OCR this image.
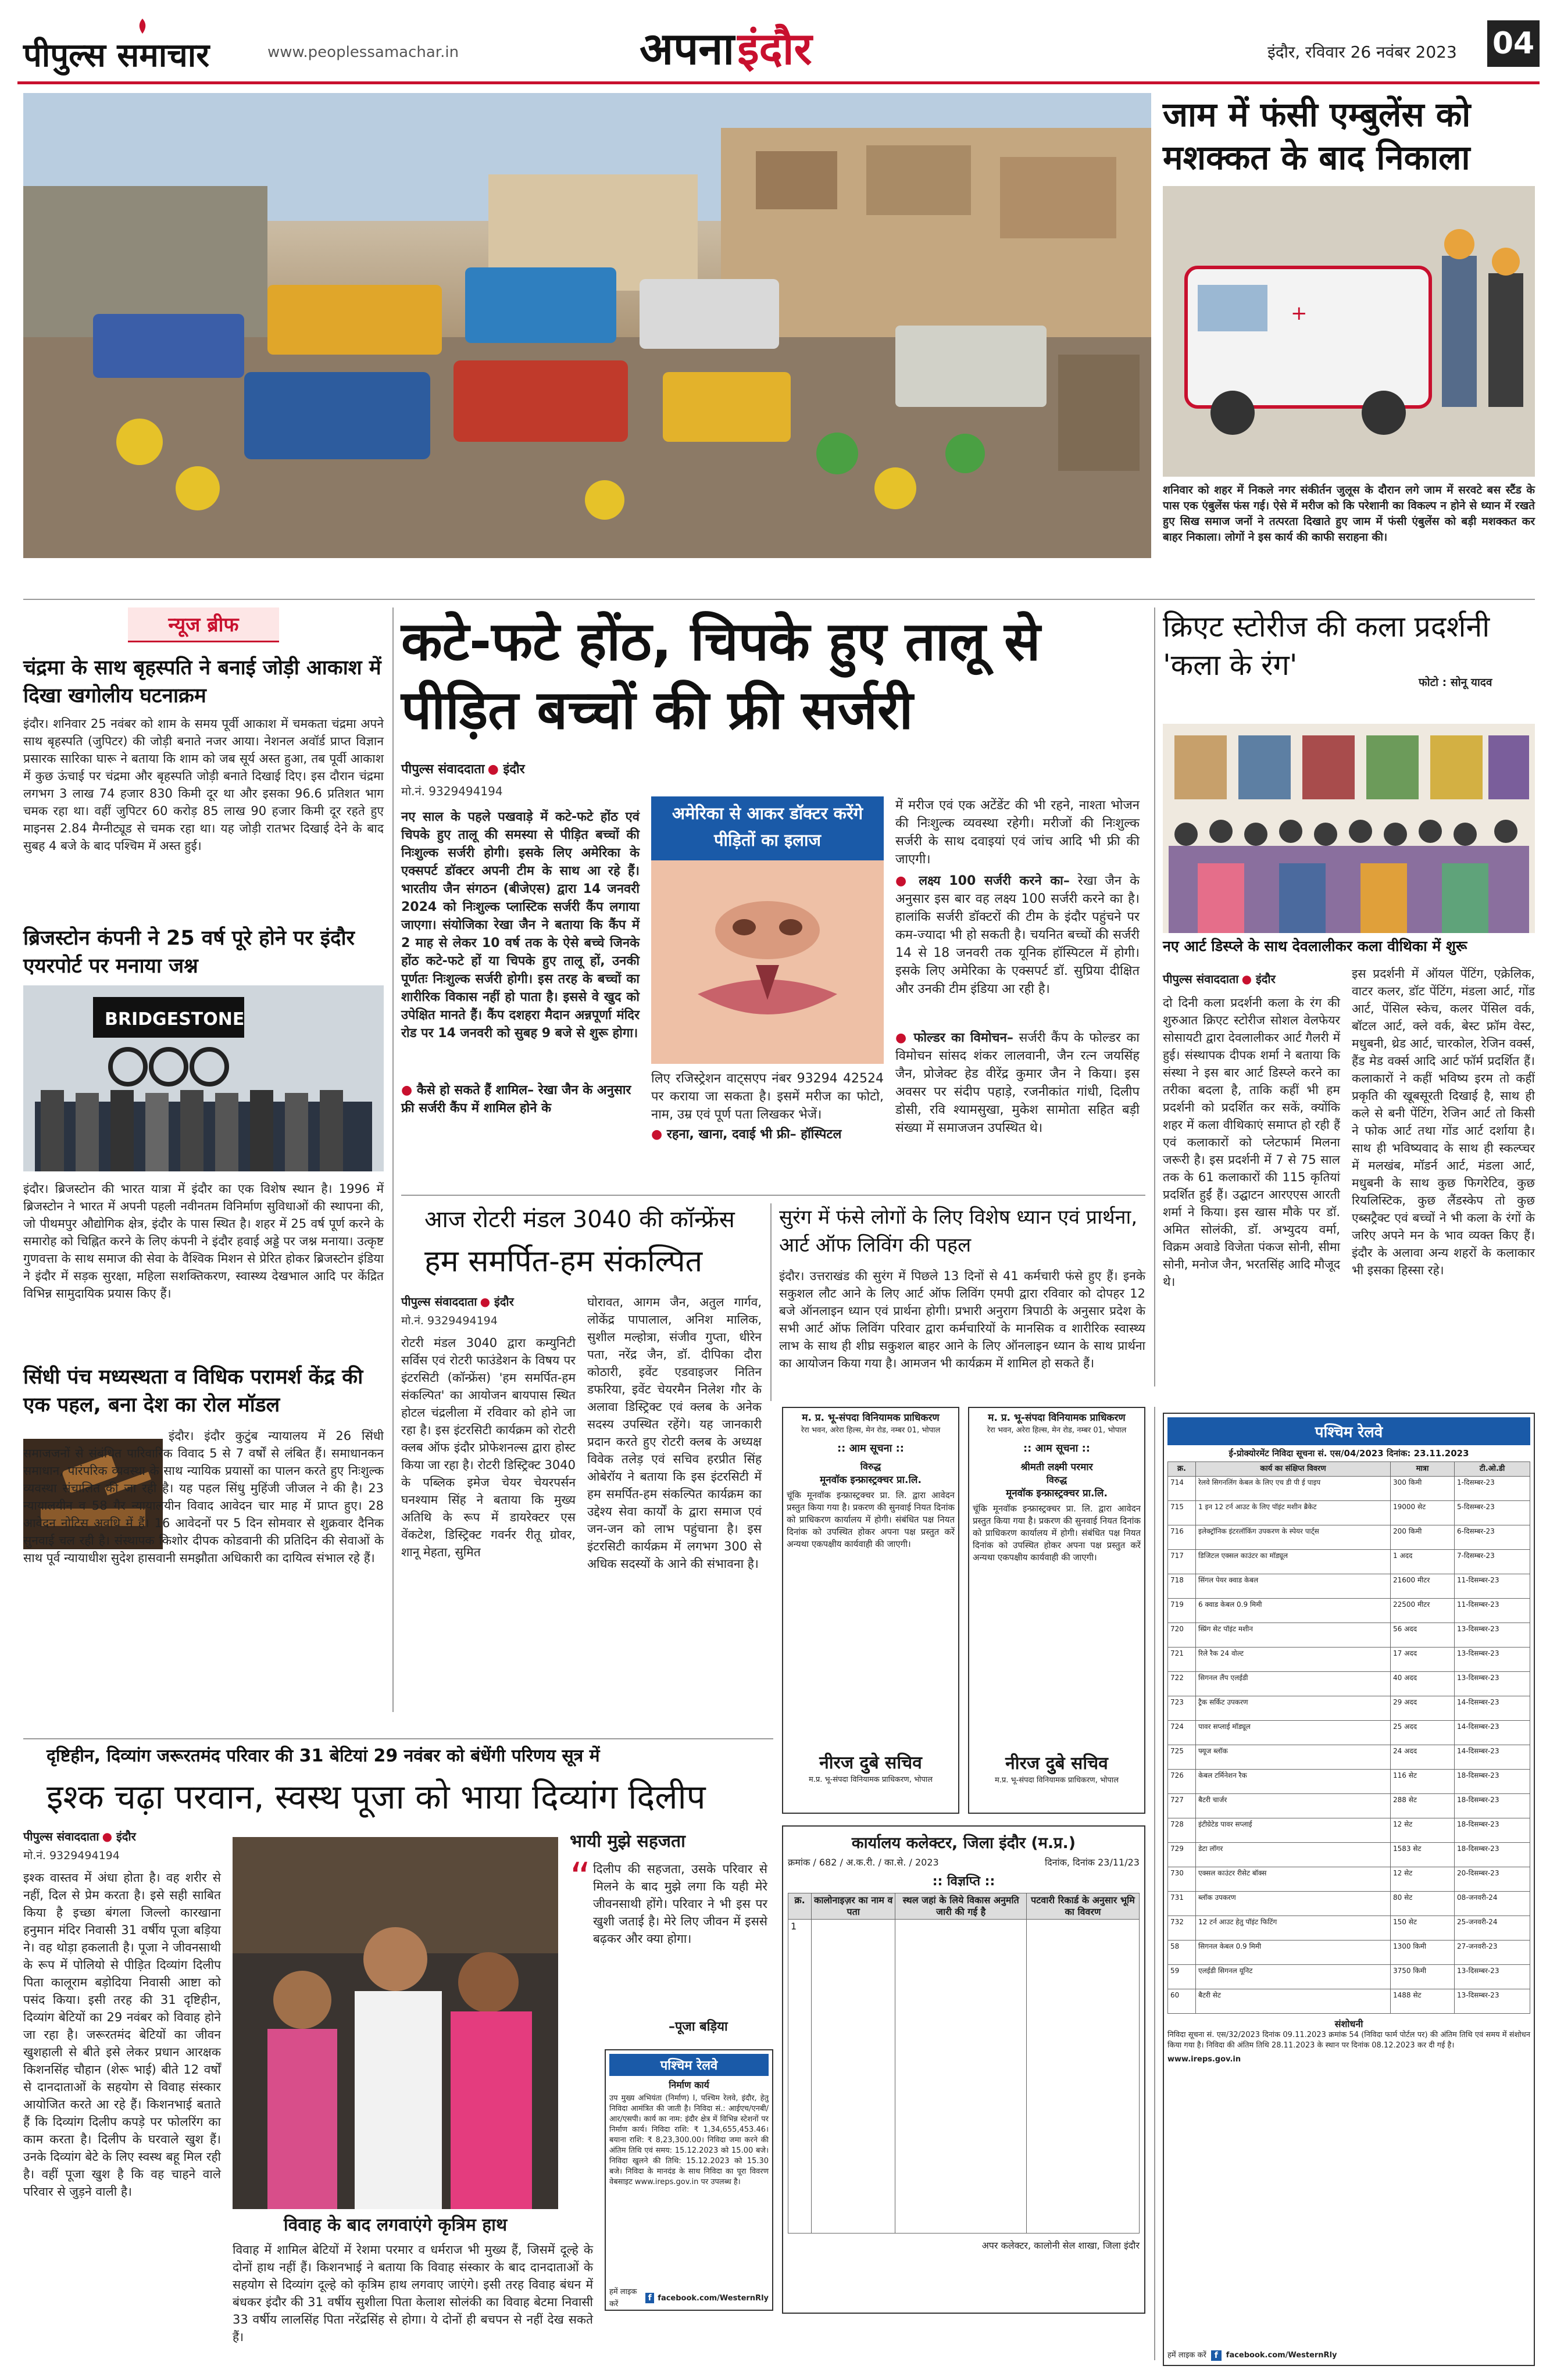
पीपुल्स समाचार	www.peoplessamachar.in	अपना इंदौर	इंदौर, रविवार 26 नवंबर 2023 04
जाम में फंसी एम्बुलेंस को मशक्कत के बाद निकाला
+
शनिवार को शहर में निकले नगर संकीर्तन जुलूस के दौरान लगे जाम में सरवटे बस स्टैंड के पास एक एंबुलेंस फंस गई। ऐसे में मरीज को कि परेशानी का विकल्प न होने से ध्यान में रखते हुए सिख समाज जनों ने तत्परता दिखाते हुए जाम में फंसी एंबुलेंस को बड़ी मशक्कत कर बाहर निकाला। लोगों ने इस कार्य की काफी सराहना की।
फोटो : सोनू यादव
न्यूज ब्रीफ
चंद्रमा के साथ बृहस्पति ने बनाई जोड़ी आकाश में दिखा खगोलीय घटनाक्रम
इंदौर। शनिवार 25 नवंबर को शाम के समय पूर्वी आकाश में चमकता चंद्रमा अपने साथ बृहस्पति (जुपिटर) की जोड़ी बनाते नजर आया। नेशनल अवॉर्ड प्राप्त विज्ञान प्रसारक सारिका घारू ने बताया कि शाम को जब सूर्य अस्त हुआ, तब पूर्वी आकाश में कुछ ऊंचाई पर चंद्रमा और बृहस्पति जोड़ी बनाते दिखाई दिए। इस दौरान चंद्रमा लगभग 3 लाख 74 हजार 830 किमी दूर था और इसका 96.6 प्रतिशत भाग चमक रहा था। वहीं जुपिटर 60 करोड़ 85 लाख 90 हजार किमी दूर रहते हुए माइनस 2.84 मैग्नीट्यूड से चमक रहा था। यह जोड़ी रातभर दिखाई देने के बाद सुबह 4 बजे के बाद पश्चिम में अस्त हुई।
ब्रिजस्टोन कंपनी ने 25 वर्ष पूरे होने पर इंदौर एयरपोर्ट पर मनाया जश्न
BRIDGESTONE
इंदौर। ब्रिजस्टोन की भारत यात्रा में इंदौर का एक विशेष स्थान है। 1996 में ब्रिजस्टोन ने भारत में अपनी पहली नवीनतम विनिर्माण सुविधाओं की स्थापना की, जो पीथमपुर औद्योगिक क्षेत्र, इंदौर के पास स्थित है। शहर में 25 वर्ष पूर्ण करने के समारोह को चिह्नित करने के लिए कंपनी ने इंदौर हवाई अड्डे पर जश्न मनाया। उत्कृष्ट गुणवत्ता के साथ समाज की सेवा के वैश्विक मिशन से प्रेरित होकर ब्रिजस्टोन इंडिया ने इंदौर में सड़क सुरक्षा, महिला सशक्तिकरण, स्वास्थ्य देखभाल आदि पर केंद्रित विभिन्न सामुदायिक प्रयास किए हैं।
सिंधी पंच मध्यस्थता व विधिक परामर्श केंद्र की एक पहल, बना देश का रोल मॉडल
इंदौर। इंदौर कुटुंब न्यायालय में 26 सिंधी समाजजनों से संबंधित पारिवारिक विवाद 5 से 7 वर्षों से लंबित हैं। समाधानकन समाधान, पारंपरिक व्यवस्था के साथ न्यायिक प्रयासों का पालन करते हुए निःशुल्क व्यवस्था संचालित की जा रही है। यह पहल सिंधु मुहिंजी जीजल ने की है। 23 न्यायालयीन व 58 गैर न्यायालयीन विवाद आवेदन चार माह में प्राप्त हुए। 28 आवेदन नोटिस अवधि में हैं। 16 आवेदनों पर 5 दिन सोमवार से शुक्रवार दैनिक सुनवाई चल रही है। संस्थापक किशोर दीपक कोडवानी की प्रतिदिन की सेवाओं के साथ पूर्व न्यायाधीश सुदेश हासवानी समझौता अधिकारी का दायित्व संभाल रहे हैं।
कटे-फटे होंठ, चिपके हुए तालू से पीड़ित बच्चों की फ्री सर्जरी
पीपुल्स संवाददाता ● इंदौर
मो.नं. 9329494194
नए साल के पहले पखवाड़े में कटे-फटे होंठ एवं चिपके हुए तालू की समस्या से पीड़ित बच्चों की निःशुल्क सर्जरी होगी। इसके लिए अमेरिका के एक्सपर्ट डॉक्टर अपनी टीम के साथ आ रहे हैं। भारतीय जैन संगठन (बीजेएस) द्वारा 14 जनवरी 2024 को निःशुल्क प्लास्टिक सर्जरी कैंप लगाया जाएगा। संयोजिका रेखा जैन ने बताया कि कैंप में 2 माह से लेकर 10 वर्ष तक के ऐसे बच्चे जिनके होंठ कटे-फटे हों या चिपके हुए तालू हों, उनकी पूर्णतः निःशुल्क सर्जरी होगी। इस तरह के बच्चों का शारीरिक विकास नहीं हो पाता है। इससे वे खुद को उपेक्षित मानते हैं। कैंप दशहरा मैदान अन्नपूर्णा मंदिर रोड पर 14 जनवरी को सुबह 9 बजे से शुरू होगा।
● कैसे हो सकते हैं शामिल– रेखा जैन के अनुसार फ्री सर्जरी कैंप में शामिल होने के
अमेरिका से आकर डॉक्टर करेंगे पीड़ितों का इलाज
लिए रजिस्ट्रेशन वाट्सएप नंबर 93294 42524 पर कराया जा सकता है। इसमें मरीज का फोटो, नाम, उम्र एवं पूर्ण पता लिखकर भेजें।
● रहना, खाना, दवाई भी फ्री– हॉस्पिटल
में मरीज एवं एक अटेंडेंट की भी रहने, नाश्ता भोजन की निःशुल्क व्यवस्था रहेगी। मरीजों की निःशुल्क सर्जरी के साथ दवाइयां एवं जांच आदि भी फ्री की जाएगी।
● लक्ष्य 100 सर्जरी करने का– रेखा जैन के अनुसार इस बार वह लक्ष्य 100 सर्जरी करने का है। हालांकि सर्जरी डॉक्टरों की टीम के इंदौर पहुंचने पर कम-ज्यादा भी हो सकती है। चयनित बच्चों की सर्जरी 14 से 18 जनवरी तक यूनिक हॉस्पिटल में होगी। इसके लिए अमेरिका के एक्सपर्ट डॉ. सुप्रिया दीक्षित और उनकी टीम इंडिया आ रही है।
● फोल्डर का विमोचन– सर्जरी कैंप के फोल्डर का विमोचन सांसद शंकर लालवानी, जैन रत्न जयसिंह जैन, प्रोजेक्ट हेड वीरेंद्र कुमार जैन ने किया। इस अवसर पर संदीप पहाड़े, रजनीकांत गांधी, दिलीप डोसी, रवि श्यामसुखा, मुकेश सामोता सहित बड़ी संख्या में समाजजन उपस्थित थे।
क्रिएट स्टोरीज की कला प्रदर्शनी 'कला के रंग'
नए आर्ट डिस्प्ले के साथ देवलालीकर कला वीथिका में शुरू
पीपुल्स संवाददाता ● इंदौर
दो दिनी कला प्रदर्शनी कला के रंग की शुरुआत क्रिएट स्टोरीज सोशल वेलफेयर सोसायटी द्वारा देवलालीकर आर्ट गैलरी में हुई। संस्थापक दीपक शर्मा ने बताया कि संस्था ने इस बार आर्ट डिस्प्ले करने का तरीका बदला है, ताकि कहीं भी हम प्रदर्शनी को प्रदर्शित कर सकें, क्योंकि शहर में कला वीथिकाएं समाप्त हो रही हैं एवं कलाकारों को प्लेटफार्म मिलना जरूरी है। इस प्रदर्शनी में 7 से 75 साल तक के 61 कलाकारों की 115 कृतियां प्रदर्शित हुईं हैं। उद्घाटन आरएएस आरती शर्मा ने किया। इस खास मौके पर डॉ. अमित सोलंकी, डॉ. अभ्युदय वर्मा, विक्रम अवाडे विजेता पंकज सोनी, सीमा सोनी, मनोज जैन, भरतसिंह आदि मौजूद थे।
इस प्रदर्शनी में ऑयल पेंटिंग, एक्रेलिक, वाटर कलर, डॉट पेंटिंग, मंडला आर्ट, गोंड आर्ट, पेंसिल स्केच, कलर पेंसिल वर्क, बॉटल आर्ट, क्ले वर्क, बेस्ट फ्रॉम वेस्ट, मधुबनी, थ्रेड आर्ट, चारकोल, रेजिन वर्क्स, हैंड मेड वर्क्स आदि आर्ट फॉर्म प्रदर्शित हैं। कलाकारों ने कहीं भविष्य इरम तो कहीं प्रकृति की खूबसूरती दिखाई है, साथ ही कले से बनी पेंटिंग, रेजिन आर्ट तो किसी ने फोक आर्ट तथा गोंड आर्ट दर्शाया है। साथ ही भविष्यवाद के साथ ही स्कल्प्चर में मलखंब, मॉडर्न आर्ट, मंडला आर्ट, मधुबनी के साथ कुछ फिगरेटिव, कुछ रियलिस्टिक, कुछ लैंडस्केप तो कुछ एब्सट्रैक्ट एवं बच्चों ने भी कला के रंगों के जरिए अपने मन के भाव व्यक्त किए हैं। इंदौर के अलावा अन्य शहरों के कलाकार भी इसका हिस्सा रहे।
आज रोटरी मंडल 3040 की कॉन्फ्रेंस
हम समर्पित-हम संकल्पित
पीपुल्स संवाददाता ● इंदौर
मो.नं. 9329494194
रोटरी मंडल 3040 द्वारा कम्युनिटी सर्विस एवं रोटरी फाउंडेशन के विषय पर इंटरसिटी (कॉन्फ्रेंस) 'हम समर्पित-हम संकल्पित' का आयोजन बायपास स्थित होटल चंद्रलीला में रविवार को होने जा रहा है। इस इंटरसिटी कार्यक्रम को रोटरी क्लब ऑफ इंदौर प्रोफेशनल्स द्वारा होस्ट किया जा रहा है। रोटरी डिस्ट्रिक्ट 3040 के पब्लिक इमेज चेयर चेयरपर्सन घनश्याम सिंह ने बताया कि मुख्य अतिथि के रूप में डायरेक्टर एस वेंकटेश, डिस्ट्रिक्ट गवर्नर रीतू ग्रोवर, शानू मेहता, सुमित
घोरावत, आगम जैन, अतुल गार्गव, लोकेंद्र पापालाल, अनिश मालिक, सुशील मल्होत्रा, संजीव गुप्ता, धीरेन पता, नरेंद्र जैन, डॉ. दीपिका दौरा कोठारी, इवेंट एडवाइजर नितिन डफरिया, इवेंट चेयरमैन निलेश गौर के अलावा डिस्ट्रिक्ट एवं क्लब के अनेक सदस्य उपस्थित रहेंगे। यह जानकारी प्रदान करते हुए रोटरी क्लब के अध्यक्ष विवेक तलेड़ एवं सचिव हरप्रीत सिंह ओबेरॉय ने बताया कि इस इंटरसिटी में हम समर्पित-हम संकल्पित कार्यक्रम का उद्देश्य सेवा कार्यों के द्वारा समाज एवं जन-जन को लाभ पहुंचाना है। इस इंटरसिटी कार्यक्रम में लगभग 300 से अधिक सदस्यों के आने की संभावना है।
सुरंग में फंसे लोगों के लिए विशेष ध्यान एवं प्रार्थना, आर्ट ऑफ लिविंग की पहल
इंदौर। उत्तराखंड की सुरंग में पिछले 13 दिनों से 41 कर्मचारी फंसे हुए हैं। इनके सकुशल लौट आने के लिए आर्ट ऑफ लिविंग एमपी द्वारा रविवार को दोपहर 12 बजे ऑनलाइन ध्यान एवं प्रार्थना होगी। प्रभारी अनुराग त्रिपाठी के अनुसार प्रदेश के सभी आर्ट ऑफ लिविंग परिवार द्वारा कर्मचारियों के मानसिक व शारीरिक स्वास्थ्य लाभ के साथ ही शीघ्र सकुशल बाहर आने के लिए ऑनलाइन ध्यान के साथ प्रार्थना का आयोजन किया गया है। आमजन भी कार्यक्रम में शामिल हो सकते हैं।
म. प्र. भू-संपदा विनियामक प्राधिकरण
रेरा भवन, अरेरा हिल्स, मेन रोड, नम्बर 01, भोपाल
:: आम सूचना ::
विरुद्ध
मूनवॉक इन्फ्रास्ट्रक्चर प्रा.लि.
चूंकि मूनवॉक इन्फ्रास्ट्रक्चर प्रा. लि. द्वारा आवेदन प्रस्तुत किया गया है। प्रकरण की सुनवाई नियत दिनांक को प्राधिकरण कार्यालय में होगी। संबंधित पक्ष नियत दिनांक को उपस्थित होकर अपना पक्ष प्रस्तुत करें अन्यथा एकपक्षीय कार्यवाही की जाएगी।
नीरज दुबे सचिव
म.प्र. भू-संपदा विनियामक प्राधिकरण, भोपाल
म. प्र. भू-संपदा विनियामक प्राधिकरण
रेरा भवन, अरेरा हिल्स, मेन रोड, नम्बर 01, भोपाल
:: आम सूचना ::
श्रीमती लक्ष्मी परमार
विरुद्ध
मूनवॉक इन्फ्रास्ट्रक्चर प्रा.लि.
चूंकि मूनवॉक इन्फ्रास्ट्रक्चर प्रा. लि. द्वारा आवेदन प्रस्तुत किया गया है। प्रकरण की सुनवाई नियत दिनांक को प्राधिकरण कार्यालय में होगी। संबंधित पक्ष नियत दिनांक को उपस्थित होकर अपना पक्ष प्रस्तुत करें अन्यथा एकपक्षीय कार्यवाही की जाएगी।
नीरज दुबे सचिव
म.प्र. भू-संपदा विनियामक प्राधिकरण, भोपाल
कार्यालय कलेक्टर, जिला इंदौर (म.प्र.)
क्रमांक / 682 / अ.क.री. / का.से. / 2023	दिनांक, दिनांक 23/11/23
:: विज्ञप्ति ::
क्र.	कालोनाइज़र का नाम व पता	स्थल जहां के लिये विकास अनुमति जारी की गई है	पटवारी रिकार्ड के अनुसार भूमि का विवरण
1			
अपर कलेक्टर, कालोनी सेल शाखा, जिला इंदौर
दृष्टिहीन, दिव्यांग जरूरतमंद परिवार की 31 बेटियां 29 नवंबर को बंधेंगी परिणय सूत्र में
इश्क चढ़ा परवान, स्वस्थ पूजा को भाया दिव्यांग दिलीप
पीपुल्स संवाददाता ● इंदौर
मो.नं. 9329494194
इश्क वास्तव में अंधा होता है। वह शरीर से नहीं, दिल से प्रेम करता है। इसे सही साबित किया है इच्छा बंगला जिल्लो कारखाना हनुमान मंदिर निवासी 31 वर्षीय पूजा बड़िया ने। वह थोड़ा हकलाती है। पूजा ने जीवनसाथी के रूप में पोलियो से पीड़ित दिव्यांग दिलीप पिता कालूराम बड़ोदिया निवासी आष्टा को पसंद किया। इसी तरह की 31 दृष्टिहीन, दिव्यांग बेटियों का 29 नवंबर को विवाह होने जा रहा है। जरूरतमंद बेटियों का जीवन खुशहाली से बीते इसे लेकर प्रधान आरक्षक किशनसिंह चौहान (शेरू भाई) बीते 12 वर्षों से दानदाताओं के सहयोग से विवाह संस्कार आयोजित करते आ रहे हैं। किशनभाई बताते हैं कि दिव्यांग दिलीप कपड़े पर फोलरिंग का काम करता है। दिलीप के घरवाले खुश हैं। उनके दिव्यांग बेटे के लिए स्वस्थ बहू मिल रही है। वहीं पूजा खुश है कि वह चाहने वाले परिवार से जुड़ने वाली है।
विवाह के बाद लगवाएंगे कृत्रिम हाथ
भायी मुझे सहजता
“ दिलीप की सहजता, उसके परिवार से मिलने के बाद मुझे लगा कि यही मेरे जीवनसाथी होंगे। परिवार ने भी इस पर खुशी जताई है। मेरे लिए जीवन में इससे बढ़कर और क्या होगा।
–पूजा बड़िया
पश्चिम रेलवे
निर्माण कार्य
उप मुख्य अभियंता (निर्माण) I, पश्चिम रेलवे, इंदौर, हेतु निविदा आमंत्रित की जाती है। निविदा सं.: आईएच/एनबी/आर/एसपी। कार्य का नाम: इंदौर क्षेत्र में विभिन्न स्टेशनों पर निर्माण कार्य। निविदा राशि: ₹ 1,34,655,453.46। बयाना राशि: ₹ 8,23,300.00। निविदा जमा करने की अंतिम तिथि एवं समय: 15.12.2023 को 15.00 बजे। निविदा खुलने की तिथि: 15.12.2023 को 15.30 बजे। निविदा के मानदंड के साथ निविदा का पूरा विवरण वेबसाइट www.ireps.gov.in पर उपलब्ध है।
हमें लाइक करें
f facebook.com/WesternRly
विवाह में शामिल बेटियों में रेशमा परमार व धर्मराज भी मुख्य हैं, जिसमें दूल्हे के दोनों हाथ नहीं हैं। किशनभाई ने बताया कि विवाह संस्कार के बाद दानदाताओं के सहयोग से दिव्यांग दूल्हे को कृत्रिम हाथ लगवाए जाएंगे। इसी तरह विवाह बंधन में बंधकर इंदौर की 31 वर्षीय सुशीला पिता केलाश सोलंकी का विवाह बेटमा निवासी 33 वर्षीय लालसिंह पिता नरेंद्रसिंह से होगा। ये दोनों ही बचपन से नहीं देख सकते हैं।
पश्चिम रेलवे
ई-प्रोक्योरमेंट निविदा सूचना सं. एस/04/2023 दिनांक: 23.11.2023
क्र.	कार्य का संक्षिप्त विवरण	मात्रा	टी.ओ.डी
714	रेलवे सिगनलिंग केबल के लिए एच डी पी ई पाइप	300 किमी	1-दिसम्बर-23
715	1 इन 12 टर्न आउट के लिए पॉइंट मशीन ब्रैकेट	19000 सेट	5-दिसम्बर-23
716	इलेक्ट्रॉनिक इंटरलॉकिंग उपकरण के स्पेयर पार्ट्स	200 किमी	6-दिसम्बर-23
717	डिजिटल एक्सल काउंटर का मॉड्यूल	1 अदद	7-दिसम्बर-23
718	सिंगल पेयर क्वाड केबल	21600 मीटर	11-दिसम्बर-23
719	6 क्वाड केबल 0.9 मिमी	22500 मीटर	11-दिसम्बर-23
720	स्प्रिंग सेट पॉइंट मशीन	56 अदद	13-दिसम्बर-23
721	रिले रैक 24 वोल्ट	17 अदद	13-दिसम्बर-23
722	सिगनल लैंप एलईडी	40 अदद	13-दिसम्बर-23
723	ट्रैक सर्किट उपकरण	29 अदद	14-दिसम्बर-23
724	पावर सप्लाई मॉड्यूल	25 अदद	14-दिसम्बर-23
725	फ्यूज ब्लॉक	24 अदद	14-दिसम्बर-23
726	केबल टर्मिनेशन रैक	116 सेट	18-दिसम्बर-23
727	बैटरी चार्जर	288 सेट	18-दिसम्बर-23
728	इंटीग्रेटेड पावर सप्लाई	12 सेट	18-दिसम्बर-23
729	डेटा लॉगर	1583 सेट	18-दिसम्बर-23
730	एक्सल काउंटर रीसेट बॉक्स	12 सेट	20-दिसम्बर-23
731	ब्लॉक उपकरण	80 सेट	08-जनवरी-24
732	12 टर्न आउट हेतु पॉइंट फिटिंग	150 सेट	25-जनवरी-24
58	सिगनल केबल 0.9 मिमी	1300 किमी	27-जनवरी-23
59	एलईडी सिगनल यूनिट	3750 किमी	13-दिसम्बर-23
60	बैटरी सेट	1488 सेट	13-दिसम्बर-23
संशोधनी
निविदा सूचना सं. एस/32/2023 दिनांक 09.11.2023 क्रमांक 54 (निविदा फार्म पोर्टल पर) की अंतिम तिथि एवं समय में संशोधन किया गया है। निविदा की अंतिम तिथि 28.11.2023 के स्थान पर दिनांक 08.12.2023 कर दी गई है।
www.ireps.gov.in
हमें लाइक करें f	facebook.com/WesternRly
